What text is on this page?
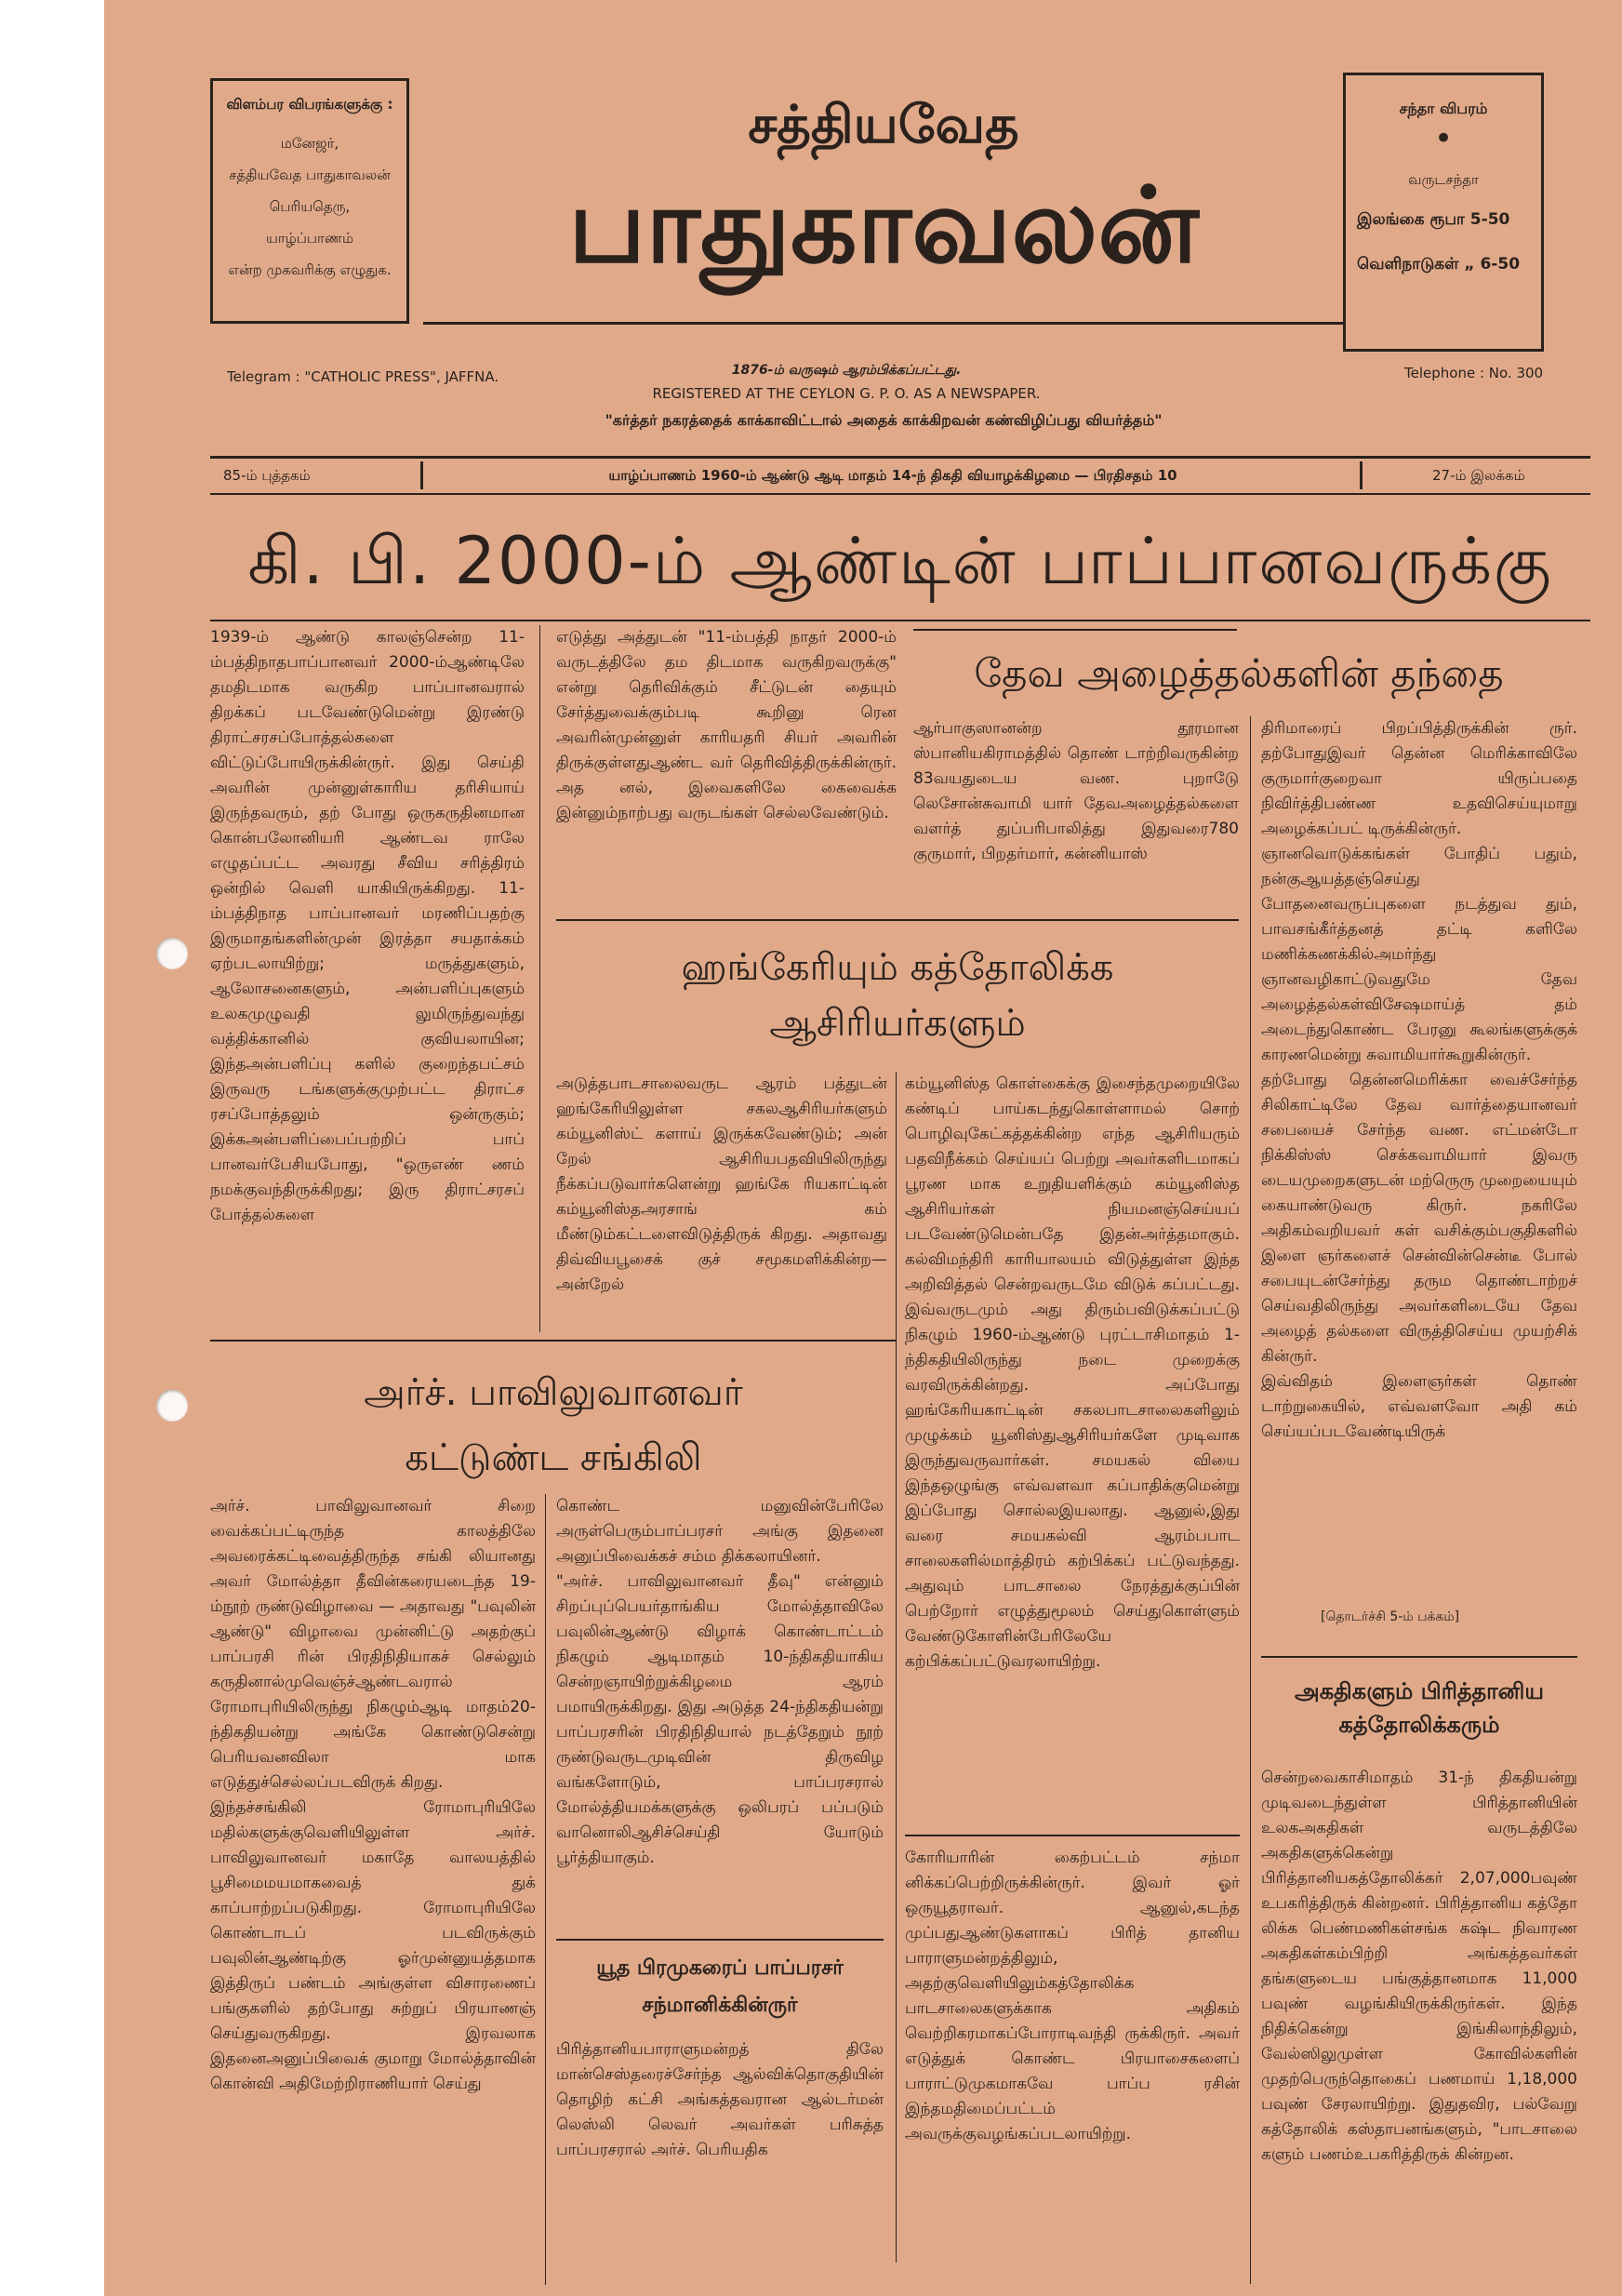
விளம்பர விபரங்களுக்கு :
மனேஜர்,
சத்தியவேத பாதுகாவலன்
பெரியதெரு,
யாழ்ப்பாணம்
என்ற முகவரிக்கு எழுதுக.
சத்தியவேத
பாதுகாவலன்
சந்தா விபரம்
•
வருடசந்தா
இலங்கை ரூபா 5-50
வெளிநாடுகள் „ 6-50
Telegram : "CATHOLIC PRESS", JAFFNA.	1876-ம் வருஷம் ஆரம்பிக்கப்பட்டது.
REGISTERED AT THE CEYLON G. P. O. AS A NEWSPAPER.
Telephone : No. 300
"கர்த்தர் நகரத்தைக் காக்காவிட்டால் அதைக் காக்கிறவன் கண்விழிப்பது வியர்த்தம்"
85-ம் புத்தகம்	யாழ்ப்பாணம் 1960-ம் ஆண்டு ஆடி மாதம் 14-ந் திகதி வியாழக்கிழமை — பிரதிசதம் 10	27-ம் இலக்கம்
கி. பி. 2000-ம் ஆண்டின் பாப்பானவருக்கு

1939-ம் ஆண்டு காலஞ்சென்ற 11-ம்பத்திநாதபாப்பானவர் 2000-ம்ஆண்டிலே தமதிடமாக வருகிற பாப்பானவரால் திறக்கப் படவேண்டுமென்று இரண்டு திராட்சரசப்போத்தல்களை விட்டுப்போயிருக்கின்ருர். இது செய்தி அவரின் முன்னுள்காரிய தரிசியாய் இருந்தவரும், தற் போது ஒருகருதினமான கொன்பலோனியரி ஆண்டவ ராலே எழுதப்பட்ட அவரது சீவிய சரித்திரம் ஒன்றில் வெளி யாகியிருக்கிறது. 11-ம்பத்திநாத பாப்பானவர் மரணிப்பதற்கு இருமாதங்களின்முன் இரத்தா சயதாக்கம் ஏற்படலாயிற்று; மருத்துகளும், ஆலோசனைகளும், அன்பளிப்புகளும் உலகமுழுவதி லுமிருந்துவந்து வத்திக்கானில் குவியலாயின; இந்தஅன்பளிப்பு களில் குறைந்தபட்சம் இருவரு டங்களுக்குமுற்பட்ட திராட்ச ரசப்போத்தலும் ஒன்ருகும்; இக்கஅன்பளிப்பைப்பற்றிப் பாப் பானவர்பேசியபோது, "ஒருஎண் ணம் நமக்குவந்திருக்கிறது; இரு திராட்சரசப் போத்தல்களை

எடுத்து அத்துடன் "11-ம்பத்தி நாதர் 2000-ம் வருடத்திலே தம திடமாக வருகிறவருக்கு" என்று தெரிவிக்கும் சீட்டுடன் தையும் சேர்த்துவைக்கும்படி கூறினு ரென அவரின்முன்னுள் காரியதரி சியர் அவரின் திருக்குள்ளதுஆண்ட வர் தெரிவித்திருக்கின்ருர். அத னல், இவைகளிலே கைவைக்க இன்னும்நாற்பது வருடங்கள் செல்லவேண்டும்.

தேவ அழைத்தல்களின் தந்தை

ஆர்பாகுஸானன்ற தூரமான ஸ்பானியகிராமத்தில் தொண் டாற்றிவருகின்ற 83வயதுடைய வண. புறாடுே லெசோன்சுவாமி யார் தேவஅழைத்தல்களை வளர்த் துப்பரிபாலித்து இதுவரை780 குருமார், பிறதர்மார், கன்னியாஸ்

திரிமாரைப் பிறப்பித்திருக்கின் ருர். தற்போதுஇவர் தென்ன மெரிக்காவிலே குருமார்குறைவா யிருப்பதை நிவிர்த்திபண்ண உதவிசெய்யுமாறு அழைக்கப்பட் டிருக்கின்ருர்.
ஞானவொடுக்கங்கள் போதிப் பதும், நன்குஆயத்தஞ்செய்து போதனைவருப்புகளை நடத்துவ தும், பாவசங்கீர்த்தனத் தட்டி களிலே மணிக்கணக்கில்அமர்ந்து ஞானவழிகாட்டுவதுமே தேவ அழைத்தல்கள்விசேஷமாய்த் தம் அடைந்துகொண்ட பேரனு கூலங்களுக்குக் காரணமென்று சுவாமியார்கூறுகின்ருர்.
தற்போது தென்னமெரிக்கா வைச்சேர்ந்த சிலிகாட்டிலே தேவ வார்த்தையானவர் சபையைச் சேர்ந்த வண. எட்மன்டோ நிக்கிஸ்ஸ் செக்கவாமியார் இவரு டையமுறைகளுடன் மற்ருெரு முறையையும் கையாண்டுவரு கிருர். நகரிலே அதிகம்வறியவர் கள் வசிக்கும்பகுதிகளில் இளை ஞர்களைச் சென்வின்சென்டீ போல் சபையுடன்சேர்ந்து தரும தொண்டாற்றச் செய்வதிலிருந்து அவர்களிடையே தேவ அழைத் தல்களை விருத்திசெய்ய முயற்சிக் கின்ருர்.
இவ்விதம் இளைஞர்கள் தொண் டாற்றுகையில், எவ்வளவோ அதி கம் செய்யப்படவேண்டியிருக்

[தொடர்ச்சி 5-ம் பக்கம்]
ஹங்கேரியும் கத்தோலிக்க
ஆசிரியர்களும்

அடுத்தபாடசாலைவருட ஆரம் பத்துடன் ஹங்கேரியிலுள்ள சகலஆசிரியர்களும் கம்யூனிஸ்ட் களாய் இருக்கவேண்டும்; அன் றேல் ஆசிரியபதவியிலிருந்து நீக்கப்படுவார்களென்று ஹங்கே ரியகாட்டின் கம்யூனிஸ்தஅரசாங் கம் மீண்டும்கட்டளைவிடுத்திருக் கிறது. அதாவது திவ்வியபூசைக் குச் சமூகமளிக்கின்ற—அன்றேல்

கம்யூனிஸ்த கொள்கைக்கு இசைந்தமுறையிலே கண்டிப் பாய்கடந்துகொள்ளாமல் சொற் பொழிவுகேட்கத்தக்கின்ற எந்த ஆசிரியரும் பதவிநீக்கம் செய்யப் பெற்று அவர்களிடமாகப் பூரண மாக உறுதியளிக்கும் கம்யூனிஸ்த ஆசிரியர்கள் நியமனஞ்செய்யப் படவேண்டுமென்பதே இதன்அர்த்தமாகும். கல்விமந்திரி காரியாலயம் விடுத்துள்ள இந்த அறிவித்தல் சென்றவருடமே விடுக் கப்பட்டது. இவ்வருடமும் அது திரும்பவிடுக்கப்பட்டு நிகழும் 1960-ம்ஆண்டு புரட்டாசிமாதம் 1-ந்திகதியிலிருந்து நடை முறைக்கு வரவிருக்கின்றது. அப்போது ஹங்கேரியகாட்டின் சகலபாடசாலைகளிலும் முழுக்கம் யூனிஸ்துஆசிரியர்களே முடிவாக இருந்துவருவார்கள். சமயகல் வியை இந்தஒழுங்கு எவ்வளவா கப்பாதிக்குமென்று இப்போது சொல்லஇயலாது. ஆனுல்,இது வரை சமயகல்வி ஆரம்பபாட சாலைகளில்மாத்திரம் கற்பிக்கப் பட்டுவந்தது. அதுவும் பாடசாலை நேரத்துக்குப்பின் பெற்றோர் எழுத்துமூலம் செய்துகொள்ளும் வேண்டுகோளின்பேரிலேயே கற்பிக்கப்பட்டுவரலாயிற்று.

அர்ச். பாவிலுவானவர்
கட்டுண்ட சங்கிலி

அர்ச். பாவிலுவானவர் சிறை வைக்கப்பட்டிருந்த காலத்திலே அவரைக்கட்டிவைத்திருந்த சங்கி லியானது அவர் மோல்த்தா தீவின்கரையடைந்த 19-ம்நூற் ருண்டுவிழாவை — அதாவது "பவுலின் ஆண்டு" விழாவை முன்னிட்டு அதற்குப் பாப்பரசி ரின் பிரதிநிதியாகச் செல்லும் கருதினால்முவெஞ்ச்ஆண்டவரால் ரோமாபுரியிலிருந்து நிகழும்ஆடி மாதம்20-ந்திகதியன்று அங்கே கொண்டுசென்று பெரியவனவிலா மாக எடுத்துச்செல்லப்படவிருக் கிறது.
இந்தச்சங்கிலி ரோமாபுரியிலே மதில்களுக்குவெளியிலுள்ள அர்ச். பாவிலுவானவர் மகாதே வாலயத்தில் பூசிமைமயமாகவைத் துக் காப்பாற்றப்படுகிறது. ரோமாபுரியிலே கொண்டாடப் படவிருக்கும் பவுலின்ஆண்டிற்கு ஓர்முன்னுயத்தமாக இத்திருப் பண்டம் அங்குள்ள விசாரணைப் பங்குகளில் தற்போது சுற்றுப் பிரயாணஞ் செய்துவருகிறது. இரவலாக இதனைஅனுப்பிவைக் குமாறு மோல்த்தாவின் கொன்வி அதிமேற்றிராணியார் செய்து

கொண்ட மனுவின்பேரிலே அருள்பெரும்பாப்பரசர் அங்கு இதனை அனுப்பிவைக்கச் சம்ம திக்கலாயினர்.
"அர்ச். பாவிலுவானவர் தீவு" என்னும் சிறப்புப்பெயர்தாங்கிய மோல்த்தாவிலே பவுலின்ஆண்டு விழாக் கொண்டாட்டம் நிகழும் ஆடிமாதம் 10-ந்திகதியாகிய சென்றஞாயிற்றுக்கிழமை ஆரம் பமாயிருக்கிறது. இது அடுத்த 24-ந்திகதியன்று பாப்பரசரின் பிரதிநிதியால் நடத்தேறும் நூற் ருண்டுவருடமுடிவின் திருவிழ வங்களோடும், பாப்பரசரால் மோல்த்தியமக்களுக்கு ஒலிபரப் பப்படும் வானொலிஆசிச்செய்தி யோடும் பூர்த்தியாகும்.

யூத பிரமுகரைப் பாப்பரசர்
சந்மானிக்கின்ருர்

பிரித்தானியபாராளுமன்றத் திலே மான்செஸ்தரைச்சேர்ந்த ஆல்விக்தொகுதியின் தொழிற் கட்சி அங்கத்தவரான ஆல்டர்மன் லெஸ்லி லெவர் அவர்கள் பரிசுத்த பாப்பரசரால் அர்ச். பெரியதிக

கோரியாரின் கைற்பட்டம் சந்மா னிக்கப்பெற்றிருக்கின்ருர். இவர் ஓர் ஒருயூதராவர். ஆனுல்,கடந்த முப்பதுஆண்டுகளாகப் பிரித் தானிய பாராளுமன்றத்திலும், அதற்குவெளியிலும்கத்தோலிக்க பாடசாலைகளுக்காக அதிகம் வெற்றிகரமாகப்போராடிவந்தி ருக்கிருர். அவர் எடுத்துக் கொண்ட பிரயாசைகளைப் பாராட்டுமுகமாகவே பாப்ப ரசின் இந்தமதிமைப்பட்டம் அவருக்குவழங்கப்படலாயிற்று.

அகதிகளும் பிரித்தானிய
கத்தோலிக்கரும்

சென்றவைகாசிமாதம் 31-ந் திகதியன்று முடிவடைந்துள்ள பிரித்தானியின் உலகஅகதிகள் வருடத்திலே அகதிகளுக்கென்று பிரித்தானியகத்தோலிக்கர் 2,07,000பவுண் உபகரித்திருக் கின்றனர். பிரித்தானிய கத்தோ லிக்க பெண்மணிகள்சங்க கஷ்ட நிவாரண அகதிகள்கம்பிற்றி அங்கத்தவர்கள் தங்களுடைய பங்குத்தானமாக 11,000 பவுண் வழங்கியிருக்கிருர்கள். இந்த நிதிக்கென்று இங்கிலாந்திலும், வேல்ஸிலுமுள்ள கோவில்களின் முதற்பெருந்தொகைப் பணமாய் 1,18,000 பவுண் சேரலாயிற்று. இதுதவிர, பல்வேறு கத்தோலிக் கஸ்தாபனங்களும், "பாடசாலை களும் பணம்உபகரித்திருக் கின்றன.
